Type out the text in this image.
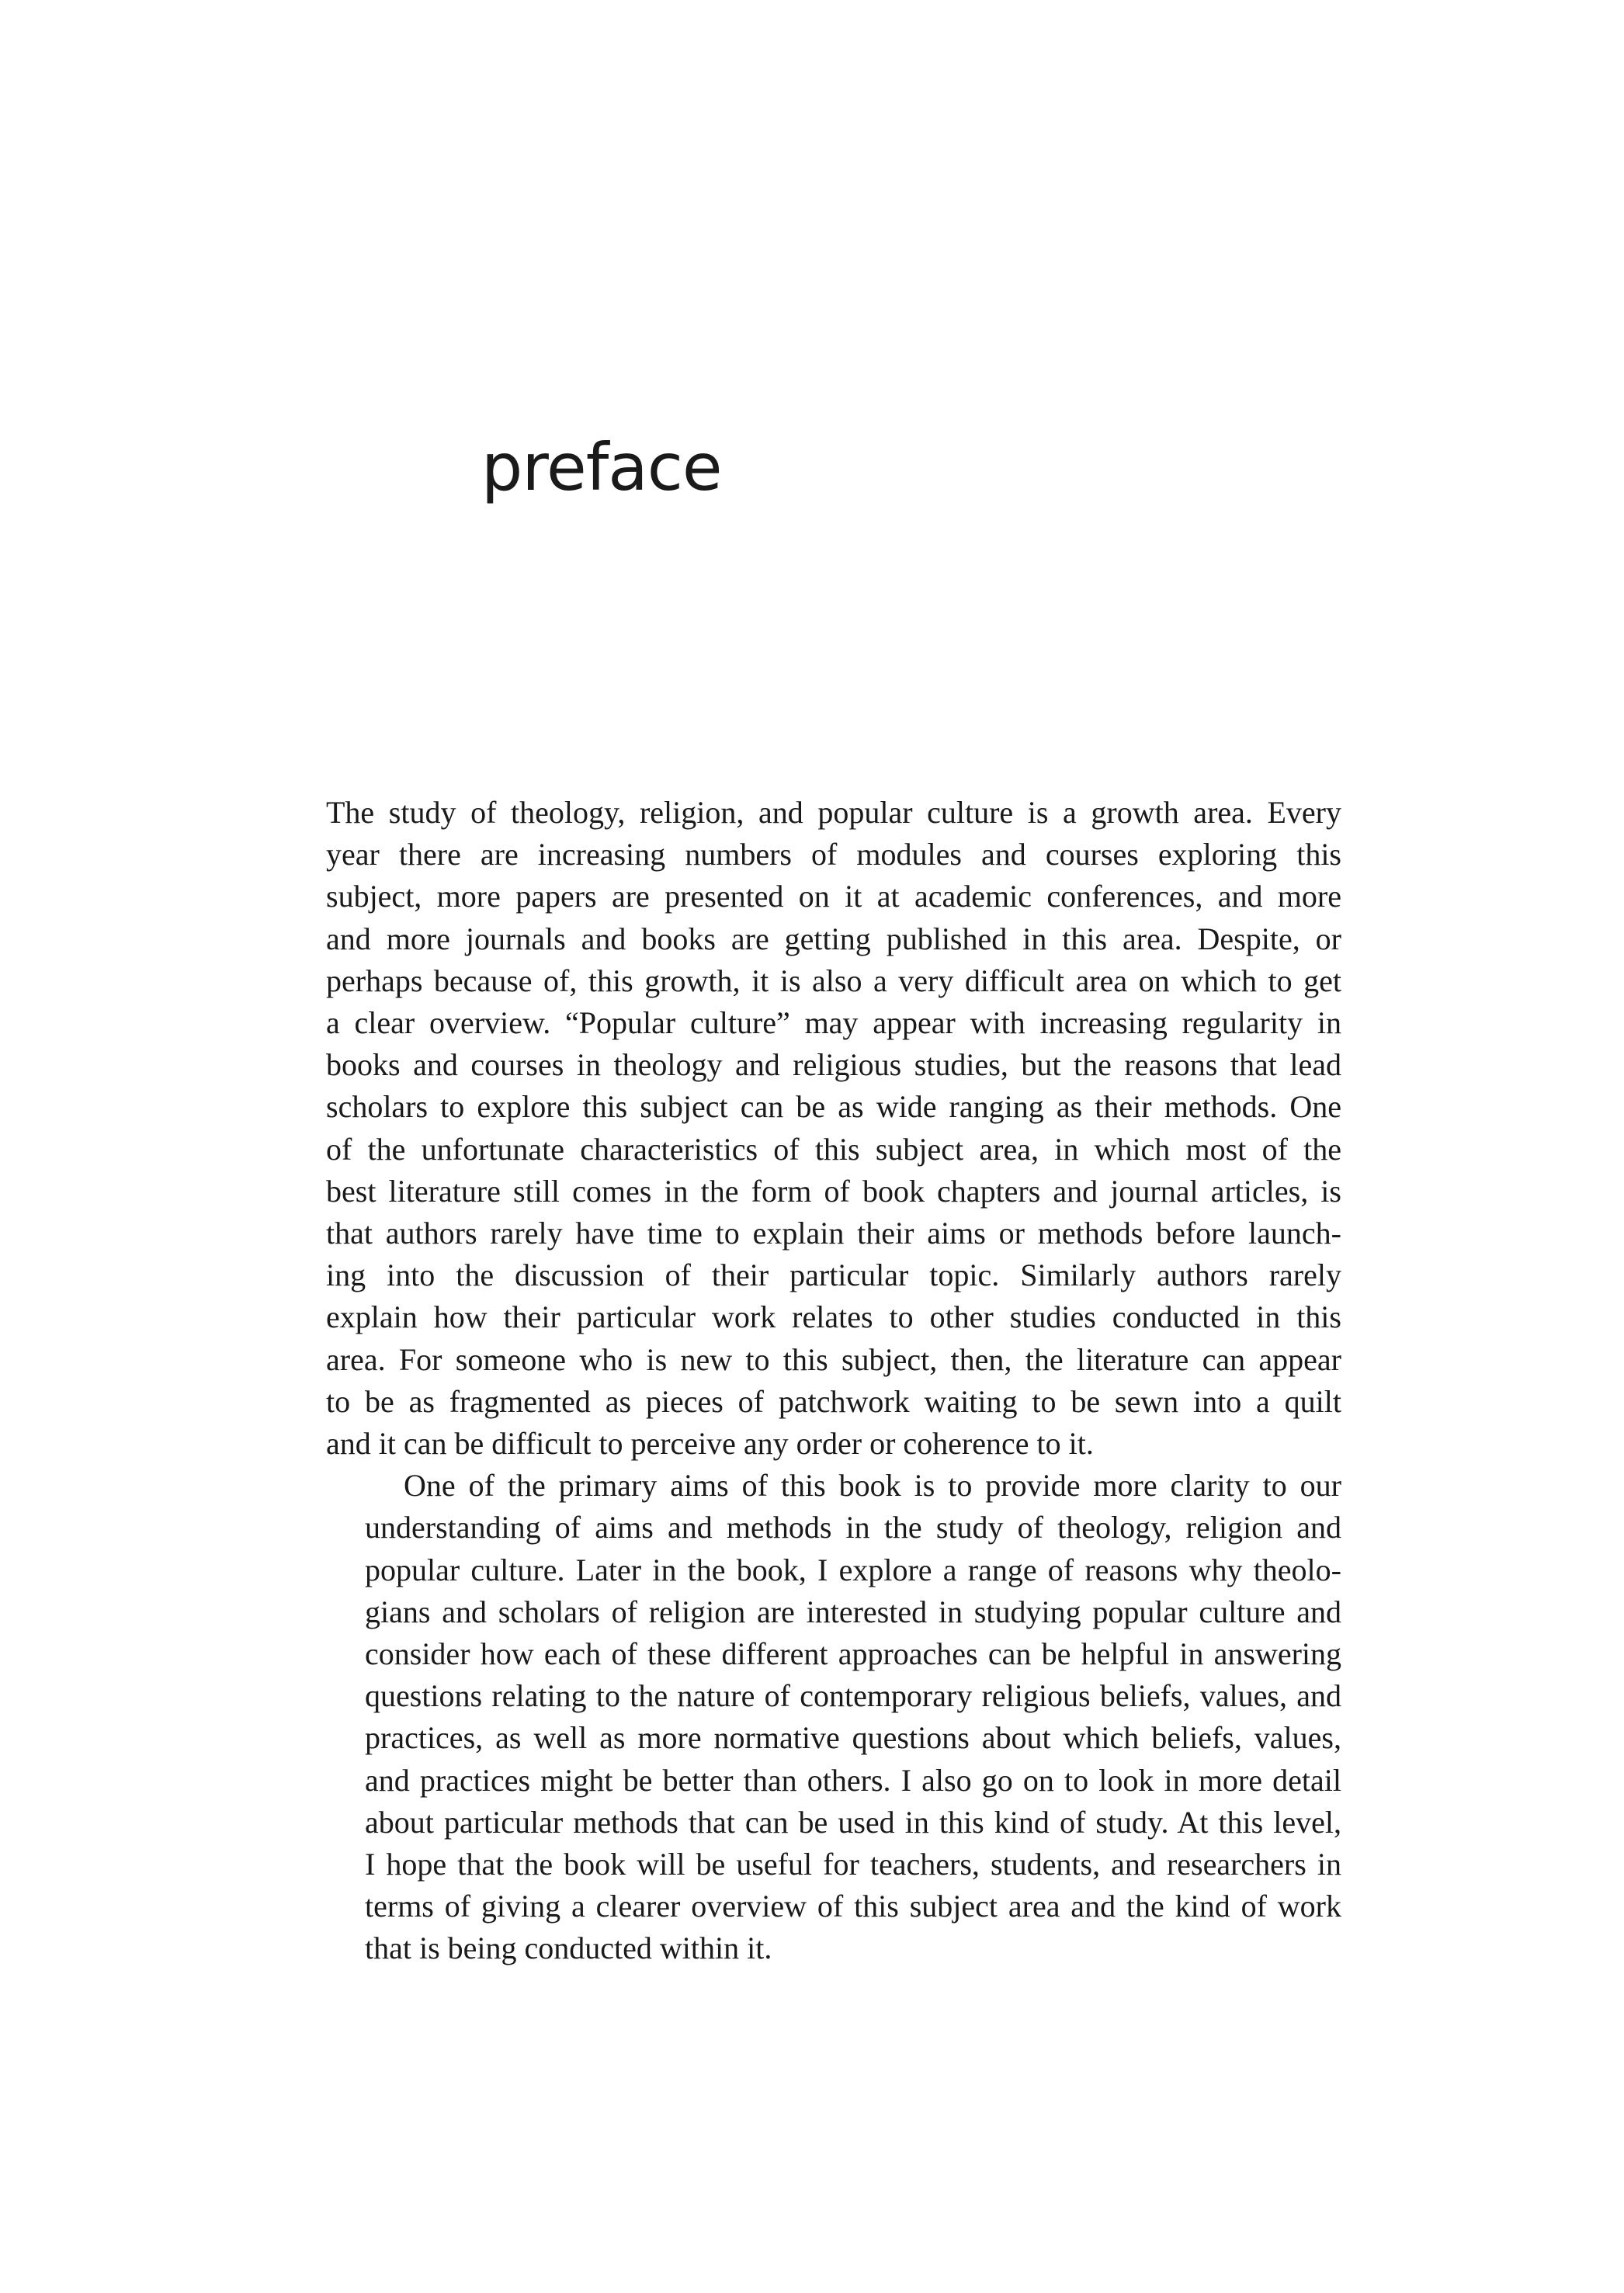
preface

The study of theology, religion, and popular culture is a growth area. Every
year there are increasing numbers of modules and courses exploring this
subject, more papers are presented on it at academic conferences, and more
and more journals and books are getting published in this area. Despite, or
perhaps because of, this growth, it is also a very difficult area on which to get
a clear overview. “Popular culture” may appear with increasing regularity in
books and courses in theology and religious studies, but the reasons that lead
scholars to explore this subject can be as wide ranging as their methods. One
of the unfortunate characteristics of this subject area, in which most of the
best literature still comes in the form of book chapters and journal articles, is
that authors rarely have time to explain their aims or methods before launch-
ing into the discussion of their particular topic. Similarly authors rarely
explain how their particular work relates to other studies conducted in this
area. For someone who is new to this subject, then, the literature can appear
to be as fragmented as pieces of patchwork waiting to be sewn into a quilt
and it can be difficult to perceive any order or coherence to it.

One of the primary aims of this book is to provide more clarity to our
understanding of aims and methods in the study of theology, religion and
popular culture. Later in the book, I explore a range of reasons why theolo-
gians and scholars of religion are interested in studying popular culture and
consider how each of these different approaches can be helpful in answering
questions relating to the nature of contemporary religious beliefs, values, and
practices, as well as more normative questions about which beliefs, values,
and practices might be better than others. I also go on to look in more detail
about particular methods that can be used in this kind of study. At this level,
I hope that the book will be useful for teachers, students, and researchers in
terms of giving a clearer overview of this subject area and the kind of work
that is being conducted within it.
